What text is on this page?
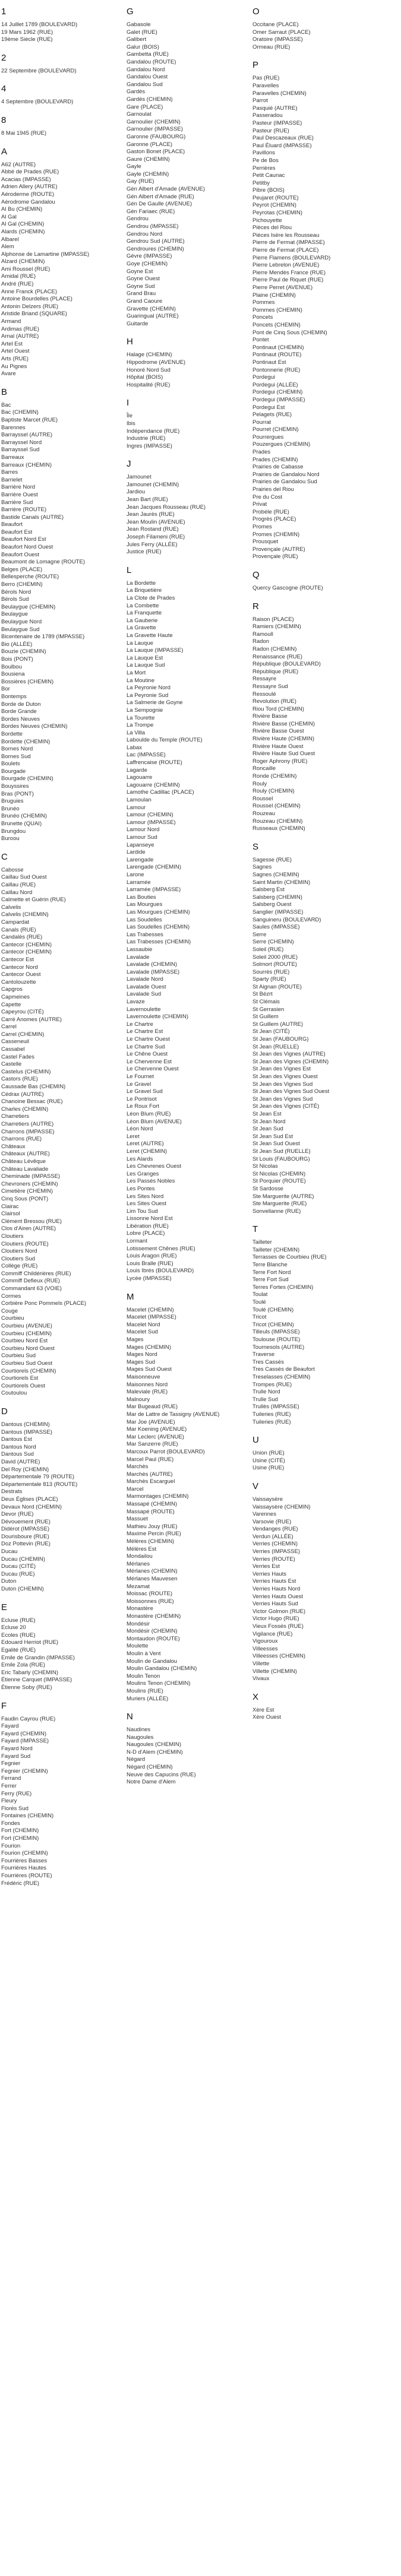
1
14 Juillet 1789 (BOULEVARD)
19 Mars 1962 (RUE)
19ème Siècle (RUE)
2
22 Septembre (BOULEVARD)
4
4 Septembre (BOULEVARD)
8
8 Mai 1945 (RUE)
A
A62 (AUTRE)
Abbé de Prades (RUE)
Acacias (IMPASSE)
Adrien Allery (AUTRE)
Aéroderme (ROUTE)
Aérodrome Gandalou
Al Bu (CHEMIN)
Al Gal
Al Gal (CHEMIN)
Alards (CHEMIN)
Albarel
Alem
Alphonse de Lamartine (IMPASSE)
Alzard (CHEMIN)
Ami Roussel (RUE)
Amidal (RUE)
André (RUE)
Anne Franck (PLACE)
Antoine Bourdelles (PLACE)
Antonin Delzers (RUE)
Aristide Briand (SQUARE)
Armand
Ardimas (RUE)
Arnal (AUTRE)
Artel Est
Artel Ouest
Arts (RUE)
Au Pignes
Avare
B
Bac
Bac (CHEMIN)
Baptiste Marcet (RUE)
Barennes
Barrayssel (AUTRE)
Barrayssel Nord
Barrayssel Sud
Barreaux
Barreaux (CHEMIN)
Barres
Barrielet
Barrière Nord
Barrière Ouest
Barrière Sud
Barrière (ROUTE)
Bastide Canals (AUTRE)
Beaufort
Beaufort Est
Beaufort Nord Est
Beaufort Nord Ouest
Beaufort Ouest
Beaumont de Lomagne (ROUTE)
Belges (PLACE)
Bellesperche (ROUTE)
Berro (CHEMIN)
Bérols Nord
Bérols Sud
Beulaygue (CHEMIN)
Beulaygue
Beulaygue Nord
Beulaygue Sud
Bicentenaire de 1789 (IMPASSE)
Bio (ALLÉE)
Bouzie (CHEMIN)
Bois (PONT)
Boulbou
Bousiena
Bossières (CHEMIN)
Bor
Bontemps
Borde de Duton
Borde Grande
Bordes Neuves
Bordes Neuves (CHEMIN)
Bordette
Bordette (CHEMIN)
Bornes Nord
Bornes Sud
Boulets
Bourgade
Bourgade (CHEMIN)
Bouyssires
Bras (PONT)
Bruguies
Brunéo
Brunéo (CHEMIN)
Brunette (QUAI)
Brungdou
Buroou
C
Cabosse
Caillau Sud Ouest
Caillau (RUE)
Caillau Nord
Calmette et Guérin (RUE)
Calvelis
Calvelis (CHEMIN)
Campardat
Canals (RUE)
Candalès (RUE)
Cantecor (CHEMIN)
Cantecor (CHEMIN)
Cantecor Est
Cantecor Nord
Cantecor Ouest
Cantolouzette
Capgros
Capmeines
Capette
Capeyrou (CITÉ)
Carré Anomes (AUTRE)
Carrel
Carrel (CHEMIN)
Casseneuil
Cassabel
Castel Fades
Castelle
Castelus (CHEMIN)
Castors (RUE)
Caussade Bas (CHEMIN)
Cédrax (AUTRE)
Chanoine Bessac (RUE)
Charles (CHEMIN)
Charretiers
Charretiers (AUTRE)
Charrons (IMPASSE)
Charrons (RUE)
Châteaux
Châteaux (AUTRE)
Château Lévêque
Château Lavaliade
Cheminade (IMPASSE)
Chevroners (CHEMIN)
Cimetière (CHEMIN)
Cinq Sous (PONT)
Clairac
Clairsol
Clément Bressou (RUE)
Clos d'Airen (AUTRE)
Cloutiers
Cloutiers (ROUTE)
Cloutiers Nord
Cloutiers Sud
Collège (RUE)
Commiff Childérières (RUE)
Commiff Defieux (RUE)
Commandant 63 (VOIE)
Cormes
Corbière Ponc Pommels (PLACE)
Couge
Courbieu
Courbieu (AVENUE)
Courbieu (CHEMIN)
Courbieu Nord Est
Courbieu Nord Ouest
Courbieu Sud
Courbieu Sud Ouest
Courtiorels (CHEMIN)
Courtiorels Est
Courtiorels Ouest
Coutoulou
D
Dantous (CHEMIN)
Dantous (IMPASSE)
Dantous Est
Dantous Nord
Dantous Sud
David (AUTRE)
Del Roy (CHEMIN)
Départementale 79 (ROUTE)
Départementale 813 (ROUTE)
Destrats
Deux Églises (PLACE)
Devaux Nord (CHEMIN)
Devor (RUE)
Dévouement (RUE)
Didérot (IMPASSE)
Dourisboure (RUE)
Doz Pottevin (RUE)
Ducau
Ducau (CHEMIN)
Ducau (CITÉ)
Ducau (RUE)
Duton
Duton (CHEMIN)
E
Ecluse (RUE)
Ecluse 20
Ecoles (RUE)
Edouard Herriot (RUE)
Egalité (RUE)
Emile de Grandin (IMPASSE)
Emile Zola (RUE)
Eric Tabarly (CHEMIN)
Étienne Carquet (IMPASSE)
Étienne Soby (RUE)
F
Faudin Cayrou (RUE)
Fayard
Fayard (CHEMIN)
Fayard (IMPASSE)
Fayard Nord
Fayard Sud
Fegnier
Fegnier (CHEMIN)
Ferrand
Ferrer
Ferry (RUE)
Fleury
Florès Sud
Fontaines (CHEMIN)
Fondes
Fort (CHEMIN)
Fort (CHEMIN)
Fourion
Fourion (CHEMIN)
Fourrières Basses
Fourrières Hautes
Fourrières (ROUTE)
Frédéric (RUE)
G
Gabasole
Galet (RUE)
Galibert
Galur (BOIS)
Gambetta (RUE)
Gandalou (ROUTE)
Gandalou Nord
Gandalou Ouest
Gandalou Sud
Gardès
Gardès (CHEMIN)
Gare (PLACE)
Garnoulat
Garnoulier (CHEMIN)
Garnoulier (IMPASSE)
Garonne (FAUBOURG)
Garonne (PLACE)
Gaston Bonet (PLACE)
Gaure (CHEMIN)
Gayle
Gayle (CHEMIN)
Gay (RUE)
Gén Albert d'Amade (AVENUE)
Gén Albert d'Amade (RUE)
Gén De Gaulle (AVENUE)
Gén Fariaec (RUE)
Gendrou
Gendrou (IMPASSE)
Gendrou Nord
Gendrou Sud (AUTRE)
Gendroures (CHEMIN)
Gèvre (IMPASSE)
Goye (CHEMIN)
Goyne Est
Goyne Ouest
Goyne Sud
Grand Brau
Grand Caoure
Gravette (CHEMIN)
Guaringual (AUTRE)
Guitarde
H
Halage (CHEMIN)
Hippodrome (AVENUE)
Honoré Nord Sud
Hôpital (BOIS)
Hospitalité (RUE)
I
Île
Ibis
Indépendance (RUE)
Industrie (RUE)
Ingres (IMPASSE)
J
Jamounet
Jamounet (CHEMIN)
Jardiou
Jean Bart (RUE)
Jean Jacques Rousseau (RUE)
Jean Jaurès (RUE)
Jean Moulin (AVENUE)
Jean Rostand (RUE)
Joseph Filameni (RUE)
Jules Ferry (ALLÉE)
Justice (RUE)
L
La Bordette
La Briquetière
La Clote de Prades
La Combette
La Franquette
La Gauberie
La Gravette
La Gravette Haute
La Lauque
La Lauque (IMPASSE)
La Lauque Est
La Lauque Sud
La Mort
La Moutine
La Peyronie Nord
La Peyronie Sud
La Salmerie de Goyne
La Sempognie
La Tourette
La Trompe
La Villa
Laboulde du Temple (ROUTE)
Labax
Lac (IMPASSE)
Laffrencaise (ROUTE)
Lagarde
Lagouarre
Lagouarre (CHEMIN)
Lamothe Cadillac (PLACE)
Lamoulan
Lamour
Lamour (CHEMIN)
Lamour (IMPASSE)
Lamour Nord
Lamour Sud
Lapanseye
Lardide
Larengade
Larengade (CHEMIN)
Larone
Larramée
Larramée (IMPASSE)
Las Bouties
Las Mourgues
Las Mourgues (CHEMIN)
Las Soudelles
Las Soudelles (CHEMIN)
Las Trabesses
Las Trabesses (CHEMIN)
Lassaubie
Lavalade
Lavalade (CHEMIN)
Lavalade (IMPASSE)
Lavalade Nord
Lavalade Ouest
Lavalade Sud
Lavaze
Lavernoulette
Lavernoulette (CHEMIN)
Le Chartre
Le Chartre Est
Le Chartre Ouest
Le Chartre Sud
Le Chêne Ouest
Le Chervenne Est
Le Chervenne Ouest
Le Fournet
Le Gravel
Le Gravel Sud
Le Pontrisot
Le Roux Fort
Léon Blum (RUE)
Léon Blum (AVENUE)
Léon Nord
Leret
Leret (AUTRE)
Leret (CHEMIN)
Les Alards
Les Chevrenes Ouest
Les Granges
Les Passés Nobles
Les Pontes
Les Sites Nord
Les Sites Ouest
Lim Tou Sud
Lissonne Nord Est
Libération (RUE)
Lobre (PLACE)
Lormant
Lotissement Chênes (RUE)
Louis Aragon (RUE)
Louis Bralle (RUE)
Louis Ibrès (BOULEVARD)
Lycée (IMPASSE)
M
Macelet (CHEMIN)
Macelet (IMPASSE)
Macelet Nord
Macelet Sud
Mages
Mages (CHEMIN)
Mages Nord
Mages Sud
Mages Sud Ouest
Maisonneuve
Maisonnes Nord
Maleviale (RUE)
Malnoury
Mar Bugeaud (RUE)
Mar de Lattre de Tassigny (AVENUE)
Mar Joe (AVENUE)
Mar Koening (AVENUE)
Mar Leclerc (AVENUE)
Mar Sanzerre (RUE)
Marcoux Parrot (BOULEVARD)
Marcel Paul (RUE)
Marchès
Marchès (AUTRE)
Marchès Escarguel
Marcel
Marmontages (CHEMIN)
Massapé (CHEMIN)
Massapé (ROUTE)
Massuet
Mathieu Jouy (RUE)
Maxime Percin (RUE)
Mélères (CHEMIN)
Mélères Est
Mondailou
Mérlanes
Mérlanes (CHEMIN)
Mérlanes Mauvesen
Mezamat
Moissac (ROUTE)
Moissonnes (RUE)
Monastère
Monastère (CHEMIN)
Mondésir
Mondésir (CHEMIN)
Montaudon (ROUTE)
Moulette
Moulin à Vent
Moulin de Gandalou
Moulin Gandalou (CHEMIN)
Moulin Tenon
Moulins Tenon (CHEMIN)
Moulins (RUE)
Muriers (ALLÉE)
N
Naudines
Naugoules
Naugoules (CHEMIN)
N-D d'Alem (CHEMIN)
Négard
Négard (CHEMIN)
Neuve des Capucins (RUE)
Notre Dame d'Alem
O
Occitane (PLACE)
Omer Sarraut (PLACE)
Oratoire (IMPASSE)
Ormeau (RUE)
P
Pas (RUE)
Paravelles
Paravelles (CHEMIN)
Parrot
Pasquié (AUTRE)
Passeradou
Pasteur (IMPASSE)
Pasteur (RUE)
Paul Descazeaux (RUE)
Paul Éluard (IMPASSE)
Pavillons
Pe de Bos
Perrières
Petit Caunac
Petitby
Pibre (BOIS)
Peujaret (ROUTE)
Peyrot (CHEMIN)
Peyrotas (CHEMIN)
Pichouyette
Pièces del Riou
Pièces Isère les Rousseau
Pierre de Fermat (IMPASSE)
Pierre de Fermat (PLACE)
Pierre Flamens (BOULEVARD)
Pierre Lebrelon (AVENUE)
Pierre Mendès France (RUE)
Pierre Paul de Riquet (RUE)
Pierre Perret (AVENUE)
Plaine (CHEMIN)
Pommes
Pommes (CHEMIN)
Poncets
Poncets (CHEMIN)
Pont de Cinq Sous (CHEMIN)
Pontet
Pontinaut (CHEMIN)
Pontinaut (ROUTE)
Pontinaut Est
Pontonnerie (RUE)
Pordegui
Pordegui (ALLÉE)
Pordegui (CHEMIN)
Pordegui (IMPASSE)
Pordegui Est
Pelagets (RUE)
Pourrat
Pourret (CHEMIN)
Pourrergues
Pouzergues (CHEMIN)
Prades
Prades (CHEMIN)
Prairies de Cabasse
Prairies de Gandalou Nord
Prairies de Gandalou Sud
Prairies del Riou
Pre du Cost
Privat
Probèle (RUE)
Progrès (PLACE)
Promes
Promes (CHEMIN)
Prousquet
Provençale (AUTRE)
Provençale (RUE)
Q
Quercy Gascogne (ROUTE)
R
Raison (PLACE)
Ramiers (CHEMIN)
Ramoull
Radon
Radon (CHEMIN)
Renaissance (RUE)
République (BOULEVARD)
République (RUE)
Ressayre
Ressayre Sud
Ressoulé
Revolution (RUE)
Riou Tord (CHEMIN)
Rivière Basse
Rivière Basse (CHEMIN)
Rivière Basse Ouest
Rivière Haute (CHEMIN)
Rivière Haute Ouest
Rivière Haute Sud Ouest
Roger Aphrony (RUE)
Roncaille
Ronde (CHEMIN)
Rouly
Rouly (CHEMIN)
Roussel
Roussel (CHEMIN)
Rouzeau
Rouzeau (CHEMIN)
Russeaux (CHEMIN)
S
Sagesse (RUE)
Sagnes
Sagnes (CHEMIN)
Saint Martin (CHEMIN)
Salsberg Est
Salsberg (CHEMIN)
Salsberg Ouest
Sanglier (IMPASSE)
Sanguineru (BOULEVARD)
Saules (IMPASSE)
Serre
Serre (CHEMIN)
Soleil (RUE)
Soleil 2000 (RUE)
Solmort (ROUTE)
Sourrès (RUE)
Sparty (RUE)
St Aignan (ROUTE)
St Bézrt
St Clémais
St Gerrasien
St Guillem
St Guillem (AUTRE)
St Jean (CITÉ)
St Jean (FAUBOURG)
St Jean (RUELLE)
St Jean des Vignes (AUTRE)
St Jean des Vignes (CHEMIN)
St Jean des Vignes Est
St Jean des Vignes Ouest
St Jean des Vignes Sud
St Jean des Vignes Sud Ouest
St Jean des Vignes Sud
St Jean des Vignes (CITÉ)
St Jean Est
St Jean Nord
St Jean Sud
St Jean Sud Est
St Jean Sud Ouest
St Jean Sud (RUELLE)
St Louis (FAUBOURG)
St Nicolas
St Nicolas (CHEMIN)
St Porquier (ROUTE)
St Sardosse
Ste Marguerite (AUTRE)
Ste Marguerite (RUE)
Sonvellanne (RUE)
T
Tailleter
Tailleter (CHEMIN)
Terrasses de Courbieu (RUE)
Terre Blanche
Terre Fort Nord
Terre Fort Sud
Terres Fortes (CHEMIN)
Toulat
Toulé
Toulé (CHEMIN)
Tricot
Tricot (CHEMIN)
Tilleuls (IMPASSE)
Toulouse (ROUTE)
Tournesols (AUTRE)
Traverse
Tres Cassés
Tres Cassés de Beaufort
Treselasses (CHEMIN)
Trompes (RUE)
Trulle Nord
Trulle Sud
Trullès (IMPASSE)
Tuileries (RUE)
Tuileries (RUE)
U
Union (RUE)
Usine (CITÉ)
Usine (RUE)
V
Vaissaysère
Vaissaysère (CHEMIN)
Varennes
Varsovie (RUE)
Vendanges (RUE)
Verdun (ALLÉE)
Verries (CHEMIN)
Verries (IMPASSE)
Verries (ROUTE)
Verries Est
Verries Hauts
Verries Hauts Est
Verries Hauts Nord
Verries Hauts Ouest
Verries Hauts Sud
Victor Golmon (RUE)
Victor Hugo (RUE)
Vieux Fossés (RUE)
Vigilance (RUE)
Vigouroux
Villeesses
Villeesses (CHEMIN)
Villette
Villette (CHEMIN)
Vivaux
X
Xère Est
Xère Ouest
